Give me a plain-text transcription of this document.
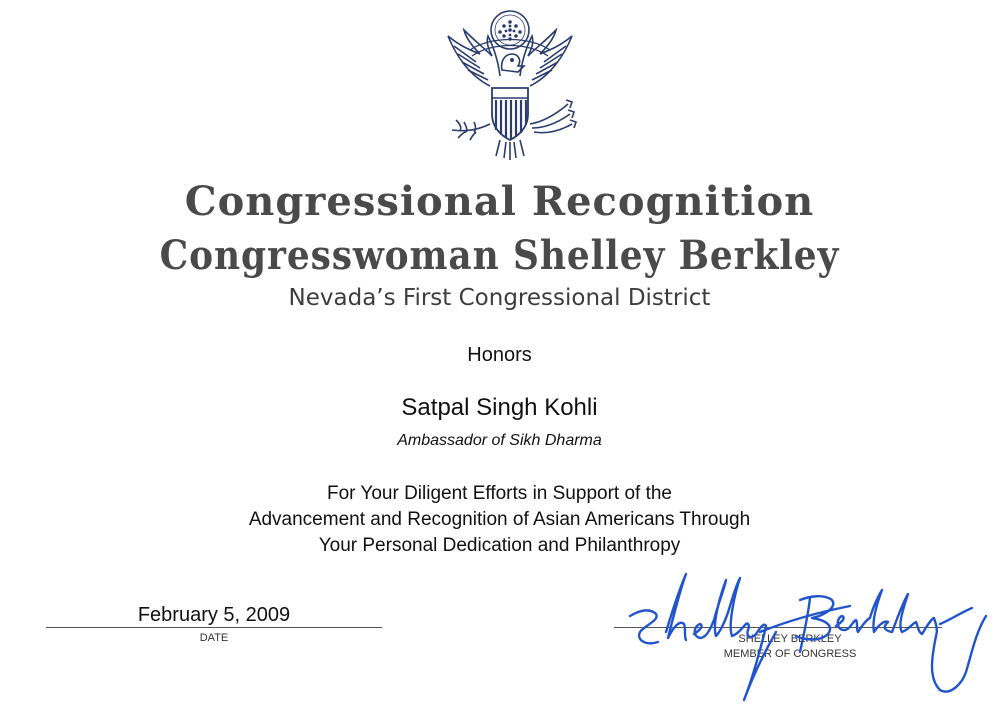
Congressional Recognition
Congresswoman Shelley Berkley
Nevada’s First Congressional District
Honors
Satpal Singh Kohli
Ambassador of Sikh Dharma
For Your Diligent Efforts in Support of the
Advancement and Recognition of Asian Americans Through
Your Personal Dedication and Philanthropy
February 5, 2009
DATE	SHELLEY BERKLEY
MEMBER OF CONGRESS
